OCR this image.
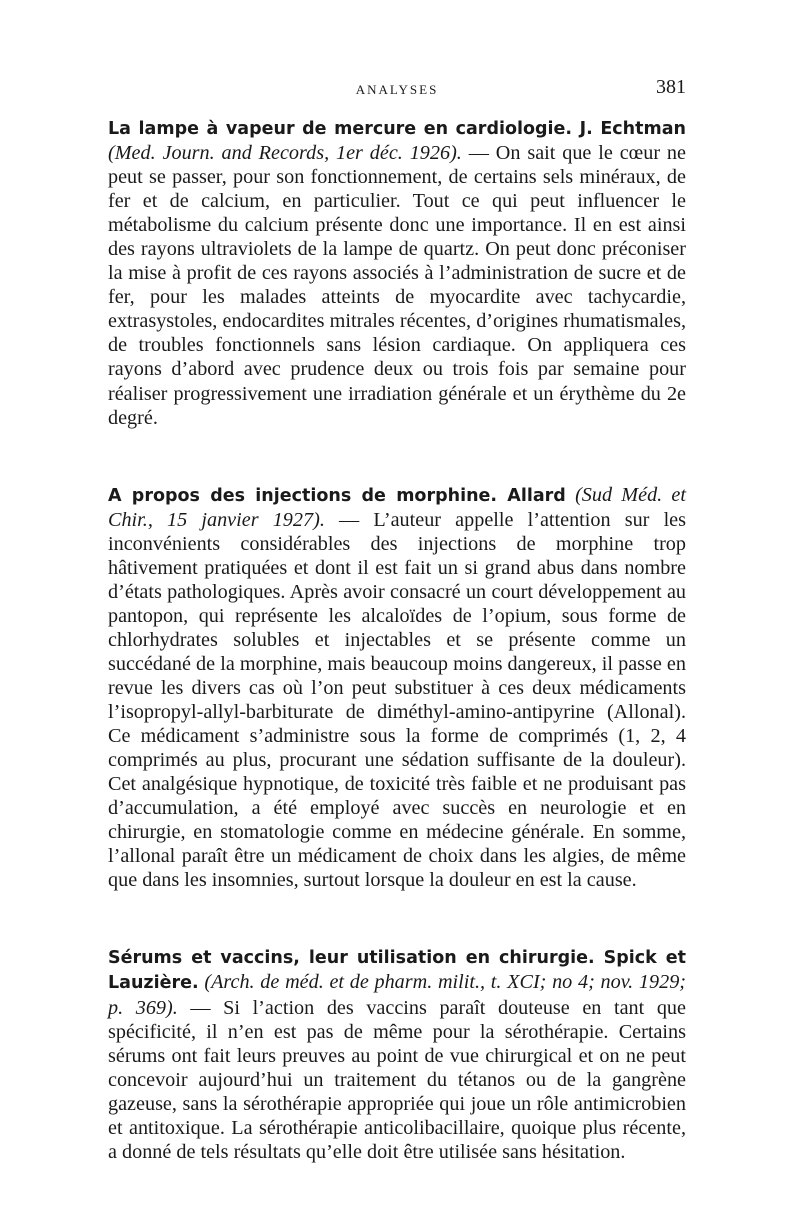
ANALYSES	381

La lampe à vapeur de mercure en cardiologie. J. Echtman (Med. Journ. and Records, 1er déc. 1926). — On sait que le cœur ne peut se passer, pour son fonctionnement, de certains sels minéraux, de fer et de calcium, en particulier. Tout ce qui peut influencer le métabolisme du calcium présente donc une importance. Il en est ainsi des rayons ultraviolets de la lampe de quartz. On peut donc préconiser la mise à profit de ces rayons associés à l’administration de sucre et de fer, pour les malades atteints de myocardite avec tachycardie, extrasystoles, endocardites mitrales récentes, d’origines rhumatismales, de troubles fonctionnels sans lésion cardiaque. On appliquera ces rayons d’abord avec prudence deux ou trois fois par semaine pour réaliser progressivement une irradiation générale et un érythème du 2e degré.

A propos des injections de morphine. Allard (Sud Méd. et Chir., 15 janvier 1927). — L’auteur appelle l’attention sur les inconvénients considérables des injections de morphine trop hâtivement pratiquées et dont il est fait un si grand abus dans nombre d’états pathologiques. Après avoir consacré un court développement au pantopon, qui représente les alcaloïdes de l’opium, sous forme de chlorhydrates solubles et injectables et se présente comme un succédané de la morphine, mais beaucoup moins dangereux, il passe en revue les divers cas où l’on peut substituer à ces deux médicaments l’isopropyl-allyl-barbiturate de diméthyl-amino-antipyrine (Allonal). Ce médicament s’administre sous la forme de comprimés (1, 2, 4 comprimés au plus, procurant une sédation suffisante de la douleur). Cet analgésique hypnotique, de toxicité très faible et ne produisant pas d’accumulation, a été employé avec succès en neurologie et en chirurgie, en stomatologie comme en médecine générale. En somme, l’allonal paraît être un médicament de choix dans les algies, de même que dans les insomnies, surtout lorsque la douleur en est la cause.

Sérums et vaccins, leur utilisation en chirurgie. Spick et Lauzière. (Arch. de méd. et de pharm. milit., t. XCI; no 4; nov. 1929; p. 369). — Si l’action des vaccins paraît douteuse en tant que spécificité, il n’en est pas de même pour la sérothérapie. Certains sérums ont fait leurs preuves au point de vue chirurgical et on ne peut concevoir aujourd’hui un traitement du tétanos ou de la gangrène gazeuse, sans la sérothérapie appropriée qui joue un rôle antimicrobien et antitoxique. La sérothérapie anticolibacillaire, quoique plus récente, a donné de tels résultats qu’elle doit être utilisée sans hésitation.
